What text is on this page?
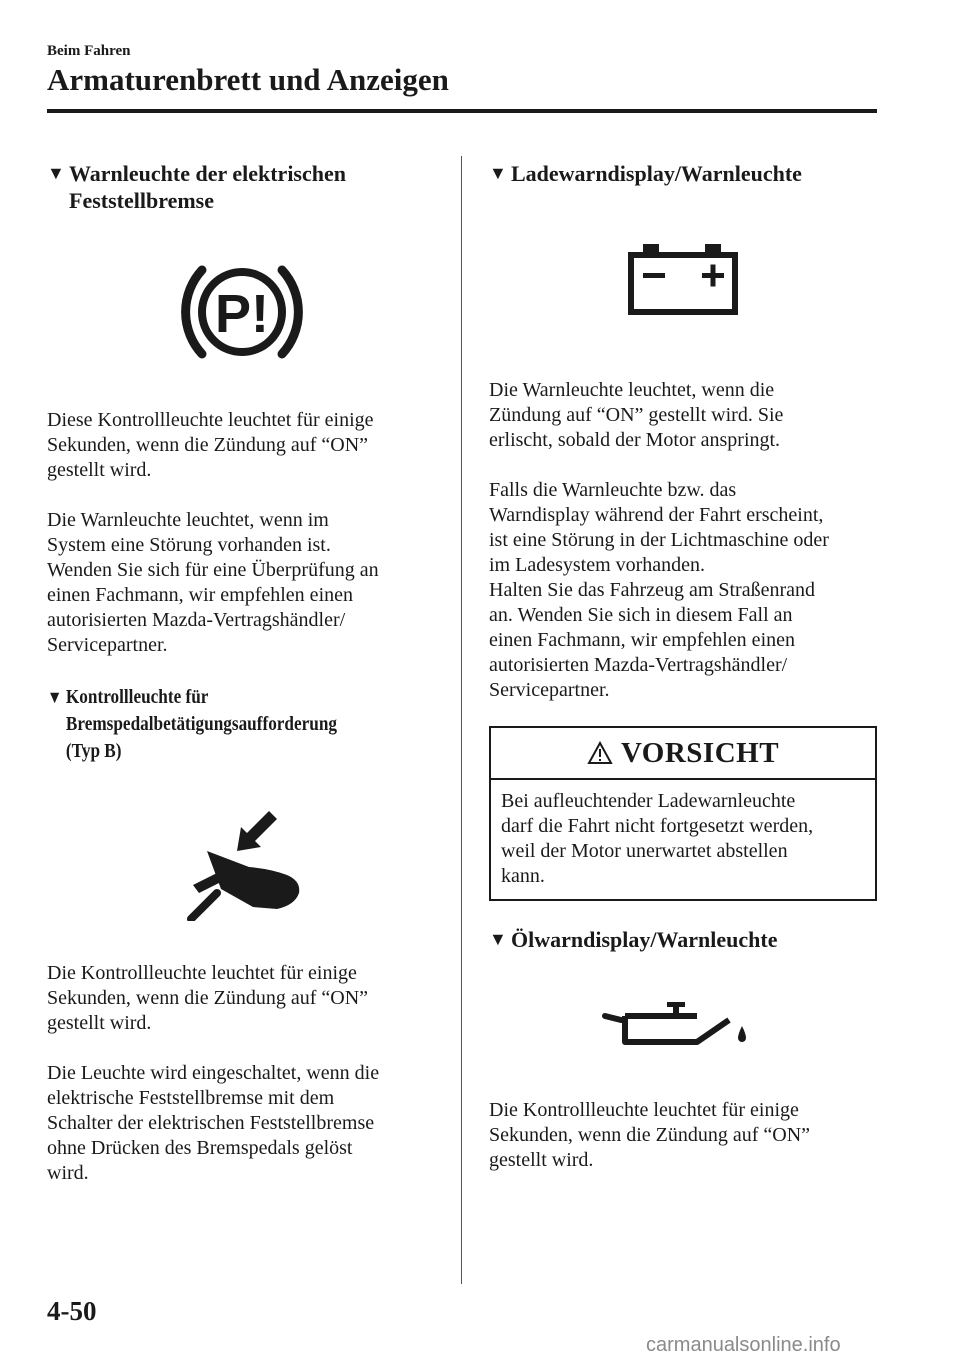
Beim Fahren

Armaturenbrett und Anzeigen
▼ Warnleuchte der elektrischen
Feststellbremse
P!

Diese Kontrollleuchte leuchtet für einige
Sekunden, wenn die Zündung auf “ON”
gestellt wird.

Die Warnleuchte leuchtet, wenn im
System eine Störung vorhanden ist.
Wenden Sie sich für eine Überprüfung an
einen Fachmann, wir empfehlen einen
autorisierten Mazda-Vertragshändler/
Servicepartner.

▼ Kontrollleuchte für
Bremspedalbetätigungsaufforderung
(Typ B)

Die Kontrollleuchte leuchtet für einige
Sekunden, wenn die Zündung auf “ON”
gestellt wird.

Die Leuchte wird eingeschaltet, wenn die
elektrische Feststellbremse mit dem
Schalter der elektrischen Feststellbremse
ohne Drücken des Bremspedals gelöst
wird.

▼ Ladewarndisplay/Warnleuchte

Die Warnleuchte leuchtet, wenn die
Zündung auf “ON” gestellt wird. Sie
erlischt, sobald der Motor anspringt.

Falls die Warnleuchte bzw. das
Warndisplay während der Fahrt erscheint,
ist eine Störung in der Lichtmaschine oder
im Ladesystem vorhanden.
Halten Sie das Fahrzeug am Straßenrand
an. Wenden Sie sich in diesem Fall an
einen Fachmann, wir empfehlen einen
autorisierten Mazda-Vertragshändler/
Servicepartner.

VORSICHT
Bei aufleuchtender Ladewarnleuchte
darf die Fahrt nicht fortgesetzt werden,
weil der Motor unerwartet abstellen
kann.
▼ Ölwarndisplay/Warnleuchte

Die Kontrollleuchte leuchtet für einige
Sekunden, wenn die Zündung auf “ON”
gestellt wird.

4-50

carmanualsonline.info
